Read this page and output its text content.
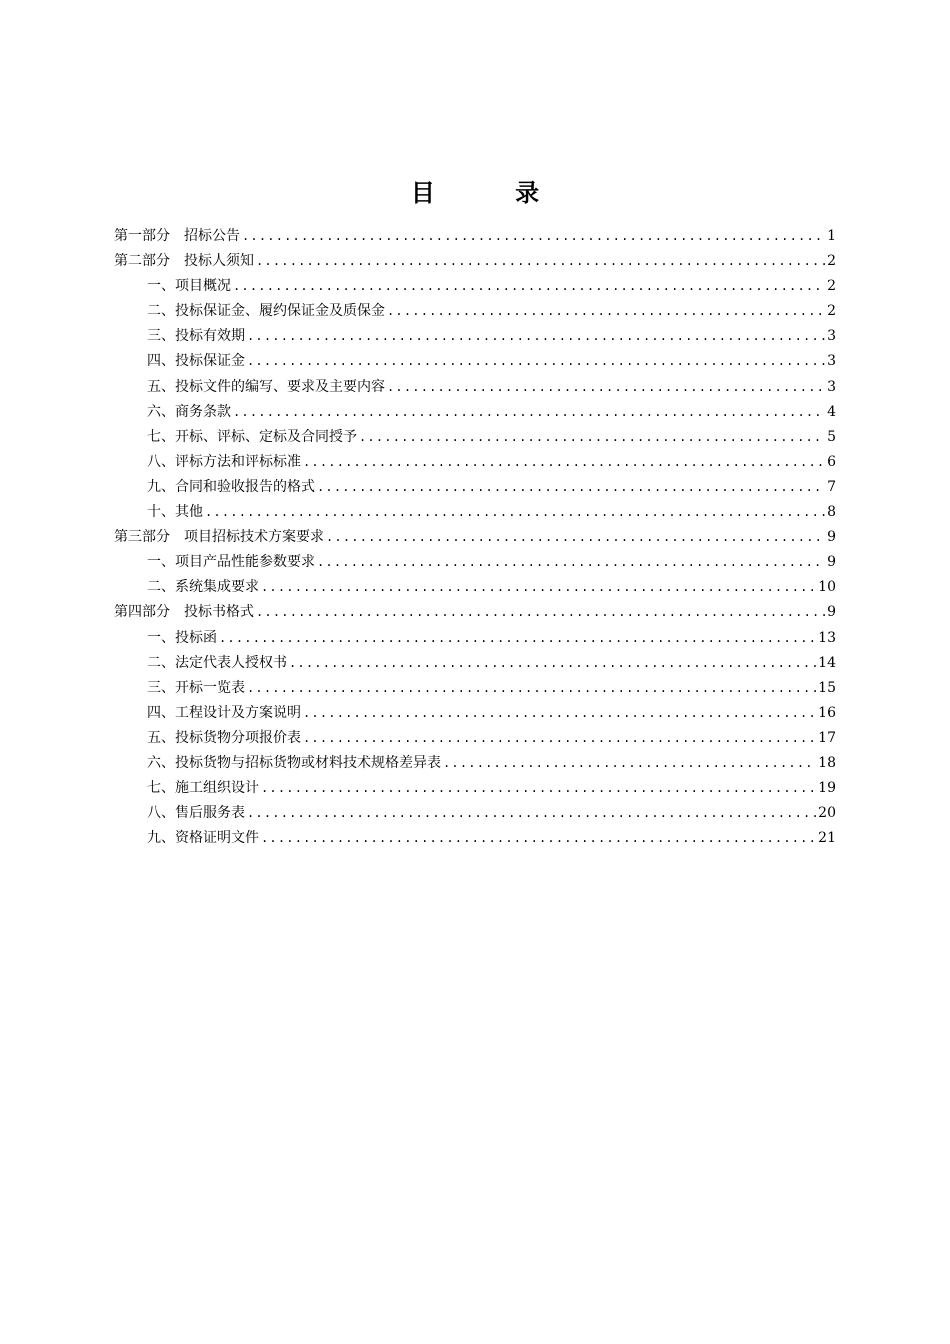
目 录
第一部分　招标公告 .....	1
第二部分　投标人须知 .....	2
一、项目概况 .....	2
二、投标保证金、履约保证金及质保金 .....	2
三、投标有效期 .....	3
四、投标保证金 .....	3
五、投标文件的编写、要求及主要内容 .....	3
六、商务条款 .....	4
七、开标、评标、定标及合同授予 .....	5
八、评标方法和评标标准 .....	6
九、合同和验收报告的格式 .....	7
十、其他 .....	8
第三部分　项目招标技术方案要求 .....	9
一、项目产品性能参数要求 .....	9
二、系统集成要求 .....	10
第四部分　投标书格式 .....	9
一、投标函 .....	13
二、法定代表人授权书 .....	14
三、开标一览表 .....	15
四、工程设计及方案说明 .....	16
五、投标货物分项报价表 .....	17
六、投标货物与招标货物或材料技术规格差异表 .....	18
七、施工组织设计 .....	19
八、售后服务表 .....	20
九、资格证明文件 .....	21
